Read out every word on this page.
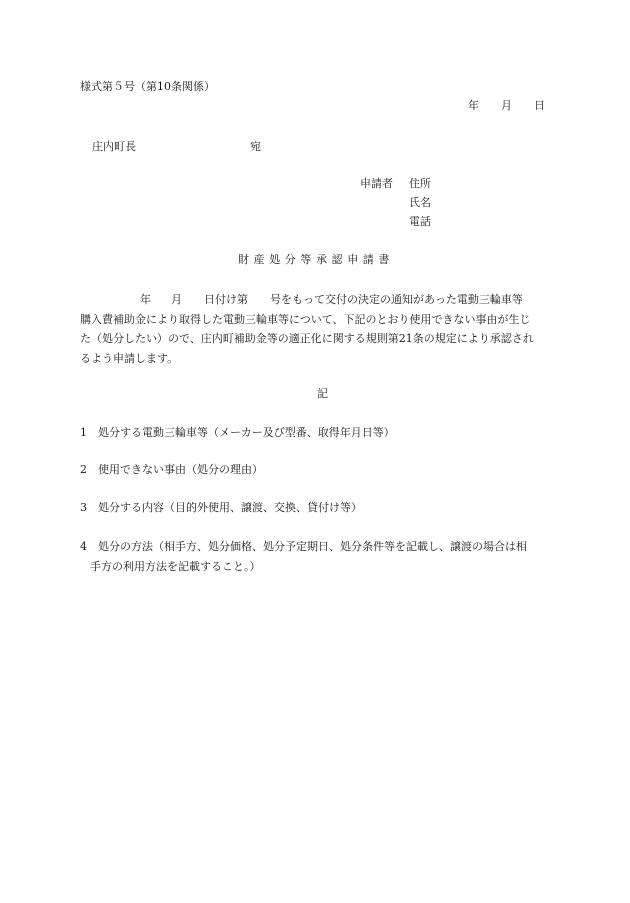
様式第５号（第10条関係）
年 月 日
庄内町長	宛
申請者 住所
氏名
電話
財産処分等承認申請書
年 月 日付け第 号をもって交付の決定の通知があった電動三輪車等
購入費補助金により取得した電動三輪車等について、下記のとおり使用できない事由が生じ
た（処分したい）ので、庄内町補助金等の適正化に関する規則第21条の規定により承認され
るよう申請します。
記
1 処分する電動三輪車等（メーカー及び型番、取得年月日等）
2 使用できない事由（処分の理由）
3 処分する内容（目的外使用、譲渡、交換、貸付け等）
4 処分の方法（相手方、処分価格、処分予定期日、処分条件等を記載し、譲渡の場合は相
手方の利用方法を記載すること。）
